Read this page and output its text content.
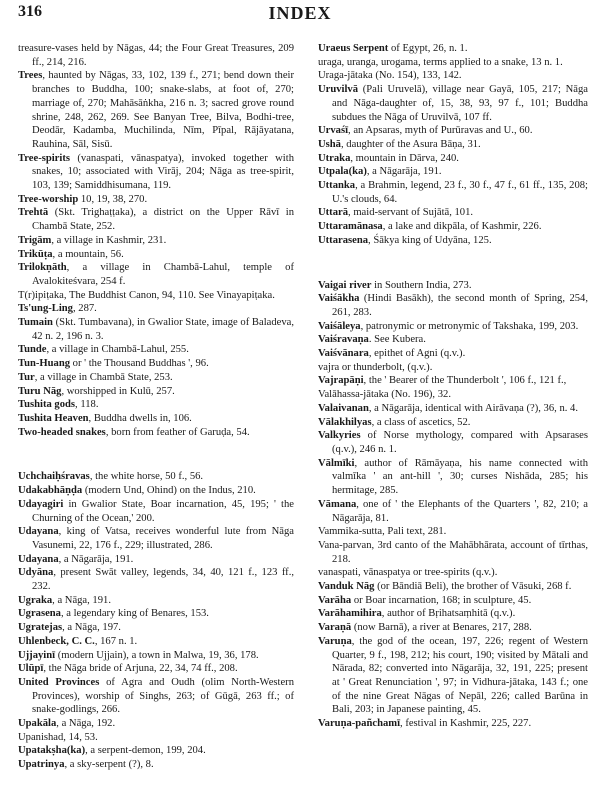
316	INDEX

treasure-vases held by Nāgas, 44; the Four Great Treasures, 209 ff., 214, 216.

Trees, haunted by Nāgas, 33, 102, 139 f., 271; bend down their branches to Buddha, 100; snake-slabs, at foot of, 270; marriage of, 270; Mahāsāṅkha, 216 n. 3; sacred grove round shrine, 248, 262, 269. See Banyan Tree, Bilva, Bodhi-tree, Deodār, Kadamba, Muchilinda, Nīm, Pīpal, Rājāyatana, Rauhina, Sāl, Sisū.

Tree-spirits (vanaspati, vānaspatya), invoked together with snakes, 10; associated with Virāj, 204; Nāga as tree-spirit, 103, 139; Samiddhisumana, 119.

Tree-worship 10, 19, 38, 270.

Trehtā (Skt. Trighaṭṭaka), a district on the Upper Rāvī in Chambā State, 252.

Trigām, a village in Kashmir, 231.

Trikūṭa, a mountain, 56.

Trilokṇāth, a village in Chambā-Lahul, temple of Avalokiteśvara, 254 f.

T(r)ipiṭaka, The Buddhist Canon, 94, 110. See Vinayapiṭaka.

Ts'ung-Ling, 287.

Tumain (Skt. Tumbavana), in Gwalior State, image of Baladeva, 42 n. 2, 196 n. 3.

Tunde, a village in Chambā-Lahul, 255.

Tun-Huang or ' the Thousand Buddhas ', 96.

Tur, a village in Chambā State, 253.

Turu Nāg, worshipped in Kulū, 257.

Tushita gods, 118.

Tushita Heaven, Buddha dwells in, 106.

Two-headed snakes, born from feather of Garuḍa, 54.

Uchchaiḥśravas, the white horse, 50 f., 56.

Udakabhāṇḍa (modern Und, Ohind) on the Indus, 210.

Udayagiri in Gwalior State, Boar incarnation, 45, 195; ' the Churning of the Ocean,' 200.

Udayana, king of Vatsa, receives wonderful lute from Nāga Vasunemi, 22, 176 f., 229; illustrated, 286.

Udayana, a Nāgarāja, 191.

Udyāna, present Swāt valley, legends, 34, 40, 121 f., 123 ff., 232.

Ugraka, a Nāga, 191.

Ugrasena, a legendary king of Benares, 153.

Ugratejas, a Nāga, 197.

Uhlenbeck, C. C., 167 n. 1.

Ujjayinī (modern Ujjain), a town in Malwa, 19, 36, 178.

Ulūpī, the Nāga bride of Arjuna, 22, 34, 74 ff., 208.

United Provinces of Agra and Oudh (olim North-Western Provinces), worship of Singhs, 263; of Gūgā, 263 ff.; of snake-godlings, 266.

Upakāla, a Nāga, 192.

Upanishad, 14, 53.

Upatakṣha(ka), a serpent-demon, 199, 204.

Upatrinya, a sky-serpent (?), 8.

Uraeus Serpent of Egypt, 26, n. 1.

uraga, uranga, urogama, terms applied to a snake, 13 n. 1.

Uraga-jātaka (No. 154), 133, 142.

Uruvilvā (Pali Uruvelā), village near Gayā, 105, 217; Nāga and Nāga-daughter of, 15, 38, 93, 97 f., 101; Buddha subdues the Nāga of Uruvilvā, 107 ff.

Urvaśī, an Apsaras, myth of Purūravas and U., 60.

Ushā, daughter of the Asura Bāṇa, 31.

Utraka, mountain in Dārva, 240.

Utpala(ka), a Nāgarāja, 191.

Uttanka, a Brahmin, legend, 23 f., 30 f., 47 f., 61 ff., 135, 208; U.'s clouds, 64.

Uttarā, maid-servant of Sujātā, 101.

Uttaramānasa, a lake and dikpāla, of Kashmir, 226.

Uttarasena, Śākya king of Udyāna, 125.

Vaigai river in Southern India, 273.

Vaiśākha (Hindi Basākh), the second month of Spring, 254, 261, 283.

Vaiśāleya, patronymic or metronymic of Takshaka, 199, 203.

Vaiśravaṇa. See Kubera.

Vaiśvānara, epithet of Agni (q.v.).

vajra or thunderbolt, (q.v.).

Vajrapāṇi, the ' Bearer of the Thunderbolt ', 106 f., 121 f.,

Valāhassa-jātaka (No. 196), 32.

Valaivanan, a Nāgarāja, identical with Airāvaṇa (?), 36, n. 4.

Vālakhilyas, a class of ascetics, 52.

Valkyries of Norse mythology, compared with Apsarases (q.v.), 246 n. 1.

Vālmīki, author of Rāmāyaṇa, his name connected with valmīka ' an ant-hill ', 30; curses Nishāda, 285; his hermitage, 285.

Vāmana, one of ' the Elephants of the Quarters ', 82, 210; a Nāgarāja, 81.

Vammika-sutta, Pali text, 281.

Vana-parvan, 3rd canto of the Mahābhārata, account of tīrthas, 218.

vanaspati, vānaspatya or tree-spirits (q.v.).

Vanduk Nāg (or Bāndiā Beli), the brother of Vāsuki, 268 f.

Varāha or Boar incarnation, 168; in sculpture, 45.

Varāhamihira, author of Bṛihatsaṃhitā (q.v.).

Varaṇā (now Barnā), a river at Benares, 217, 288.

Varuṇa, the god of the ocean, 197, 226; regent of Western Quarter, 9 f., 198, 212; his court, 190; visited by Mātali and Nārada, 82; converted into Nāgarāja, 32, 191, 225; present at ' Great Renunciation ', 97; in Vidhura-jātaka, 143 f.; one of the nine Great Nāgas of Nepāl, 226; called Barūna in Bali, 203; in Japanese painting, 45.

Varuṇa-pañchamī, festival in Kashmir, 225, 227.
